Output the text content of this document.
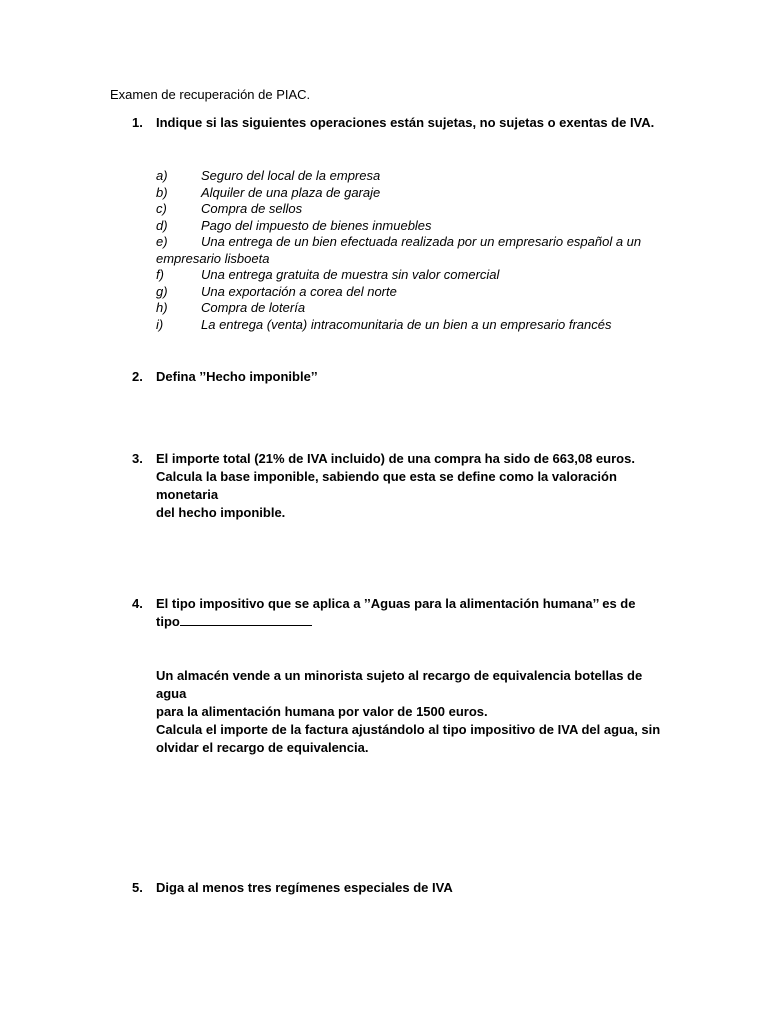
Examen de recuperación de PIAC.
1. Indique si las siguientes operaciones están sujetas, no sujetas o exentas de IVA.
a)	Seguro del local de la empresa
b)	Alquiler de una plaza de garaje
c)	Compra de sellos
d)	Pago del impuesto de bienes inmuebles
e)	Una entrega de un bien efectuada realizada por un empresario español a un
empresario lisboeta
f)	Una entrega gratuita de muestra sin valor comercial
g)	Una exportación a corea del norte
h)	Compra de lotería
i)	La entrega (venta) intracomunitaria de un bien a un empresario francés
2. Defina ’’Hecho imponible’’
3. El importe total (21% de IVA incluido) de una compra ha sido de 663,08 euros.
Calcula la base imponible, sabiendo que esta se define como la valoración monetaria
del hecho imponible.
4. El tipo impositivo que se aplica a ’’Aguas para la alimentación humana’’ es de
tipo
Un almacén vende a un minorista sujeto al recargo de equivalencia botellas de agua
para la alimentación humana por valor de 1500 euros.
Calcula el importe de la factura ajustándolo al tipo impositivo de IVA del agua, sin
olvidar el recargo de equivalencia.
5. Diga al menos tres regímenes especiales de IVA
